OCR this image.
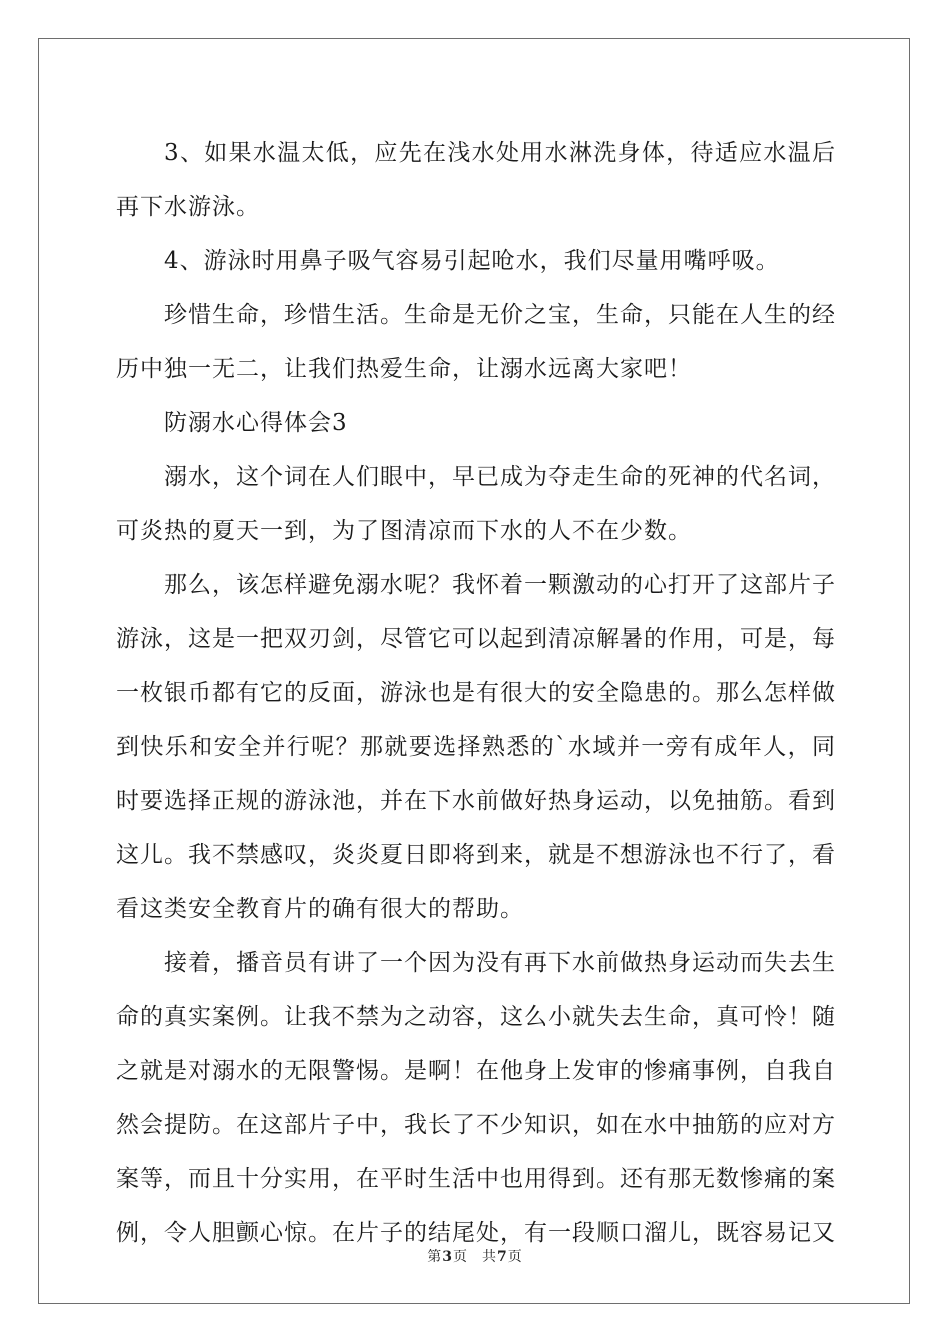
3、如果水温太低，应先在浅水处用水淋洗身体，待适应水温后再下水游泳。

4、游泳时用鼻子吸气容易引起呛水，我们尽量用嘴呼吸。

珍惜生命，珍惜生活。生命是无价之宝，生命，只能在人生的经历中独一无二，让我们热爱生命，让溺水远离大家吧！

防溺水心得体会3

溺水，这个词在人们眼中，早已成为夺走生命的死神的代名词，可炎热的夏天一到，为了图清凉而下水的人不在少数。

那么，该怎样避免溺水呢？我怀着一颗激动的心打开了这部片子游泳，这是一把双刃剑，尽管它可以起到清凉解暑的作用，可是，每一枚银币都有它的反面，游泳也是有很大的安全隐患的。那么怎样做到快乐和安全并行呢？那就要选择熟悉的`水域并一旁有成年人，同时要选择正规的游泳池，并在下水前做好热身运动，以免抽筋。看到这儿。我不禁感叹，炎炎夏日即将到来，就是不想游泳也不行了，看看这类安全教育片的确有很大的帮助。

接着，播音员有讲了一个因为没有再下水前做热身运动而失去生命的真实案例。让我不禁为之动容，这么小就失去生命，真可怜！随之就是对溺水的无限警惕。是啊！在他身上发审的惨痛事例，自我自然会提防。在这部片子中，我长了不少知识，如在水中抽筋的应对方案等，而且十分实用，在平时生活中也用得到。还有那无数惨痛的案例，令人胆颤心惊。在片子的结尾处，有一段顺口溜儿，既容易记又

第3页 共7页
